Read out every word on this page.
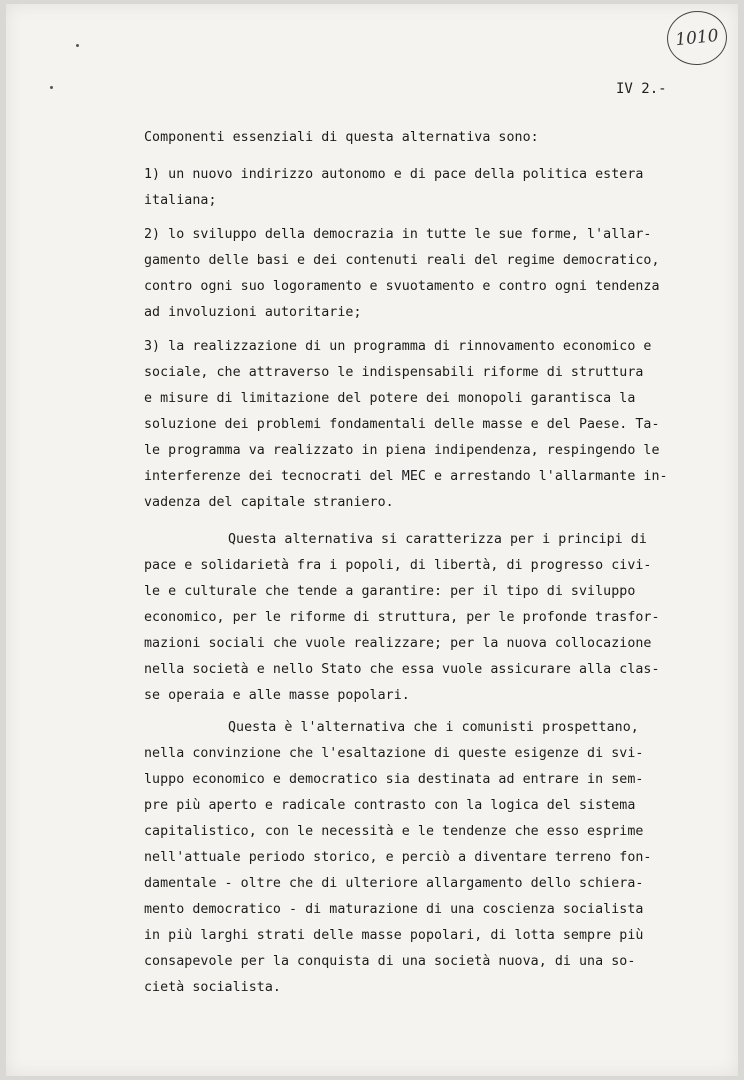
1010
IV 2.-
Componenti essenziali di questa alternativa sono:
1) un nuovo indirizzo autonomo e di pace della politica estera
italiana;
2) lo sviluppo della democrazia in tutte le sue forme, l'allar-
gamento delle basi e dei contenuti reali del regime democratico,
contro ogni suo logoramento e svuotamento e contro ogni tendenza
ad involuzioni autoritarie;
3) la realizzazione di un programma di rinnovamento economico e
sociale, che attraverso le indispensabili riforme di struttura
e misure di limitazione del potere dei monopoli garantisca la
soluzione dei problemi fondamentali delle masse e del Paese. Ta-
le programma va realizzato in piena indipendenza, respingendo le
interferenze dei tecnocrati del MEC e arrestando l'allarmante in-
vadenza del capitale straniero.
Questa alternativa si caratterizza per i principi di
pace e solidarietà fra i popoli, di libertà, di progresso civi-
le e culturale che tende a garantire: per il tipo di sviluppo
economico, per le riforme di struttura, per le profonde trasfor-
mazioni sociali che vuole realizzare; per la nuova collocazione
nella società e nello Stato che essa vuole assicurare alla clas-
se operaia e alle masse popolari.
Questa è l'alternativa che i comunisti prospettano,
nella convinzione che l'esaltazione di queste esigenze di svi-
luppo economico e democratico sia destinata ad entrare in sem-
pre più aperto e radicale contrasto con la logica del sistema
capitalistico, con le necessità e le tendenze che esso esprime
nell'attuale periodo storico, e perciò a diventare terreno fon-
damentale - oltre che di ulteriore allargamento dello schiera-
mento democratico - di maturazione di una coscienza socialista
in più larghi strati delle masse popolari, di lotta sempre più
consapevole per la conquista di una società nuova, di una so-
cietà socialista.
